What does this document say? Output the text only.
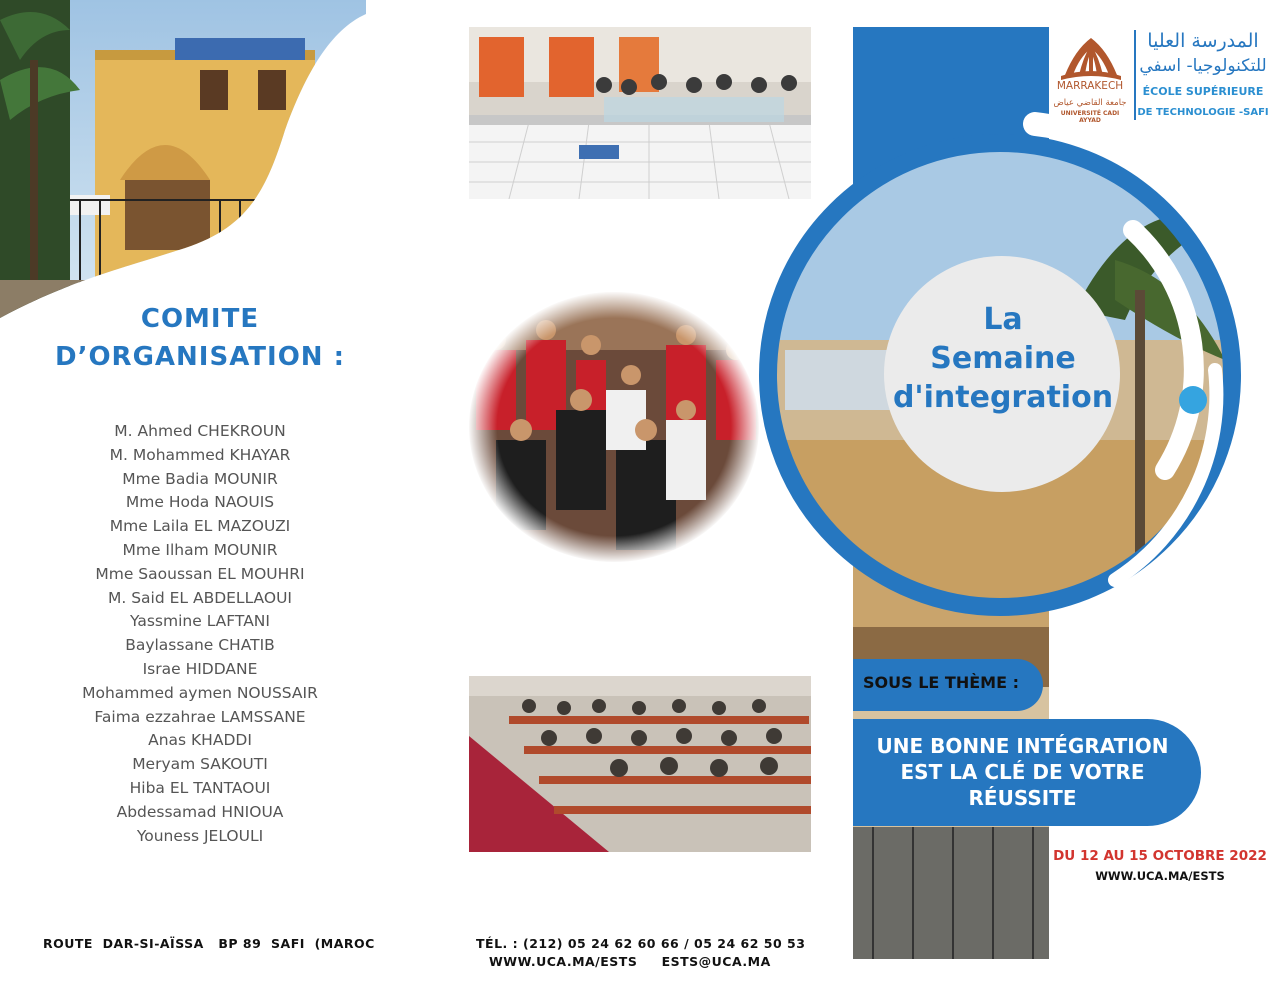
COMITE
D’ORGANISATION :
M. Ahmed CHEKROUN
M. Mohammed KHAYAR
Mme Badia MOUNIR
Mme Hoda NAOUIS
Mme Laila EL MAZOUZI
Mme Ilham MOUNIR
Mme Saoussan EL MOUHRI
M. Said EL ABDELLAOUI
Yassmine LAFTANI
Baylassane CHATIB
Israe HIDDANE
Mohammed aymen NOUSSAIR
Faima ezzahrae LAMSSANE
Anas KHADDI
Meryam SAKOUTI
Hiba EL TANTAOUI
Abdessamad HNIOUA
Youness JELOULI
ROUTE  DAR-SI-AÏSSA   BP 89  SAFI  (MAROC	TÉL. : (212) 05 24 62 60 66 / 05 24 62 50 53
WWW.UCA.MA/ESTS     ESTS@UCA.MA
La
Semaine
d'integration
MARRAKECH
جامعة القاضي عياض
UNIVERSITÉ CADI AYYAD
المدرسة العليا
للتكنولوجيا- اسفي
ÉCOLE SUPÉRIEURE
DE TECHNOLOGIE -SAFI
SOUS LE THÈME :
UNE BONNE INTÉGRATION
EST LA CLÉ DE VOTRE
RÉUSSITE
DU 12 AU 15 OCTOBRE 2022
WWW.UCA.MA/ESTS
